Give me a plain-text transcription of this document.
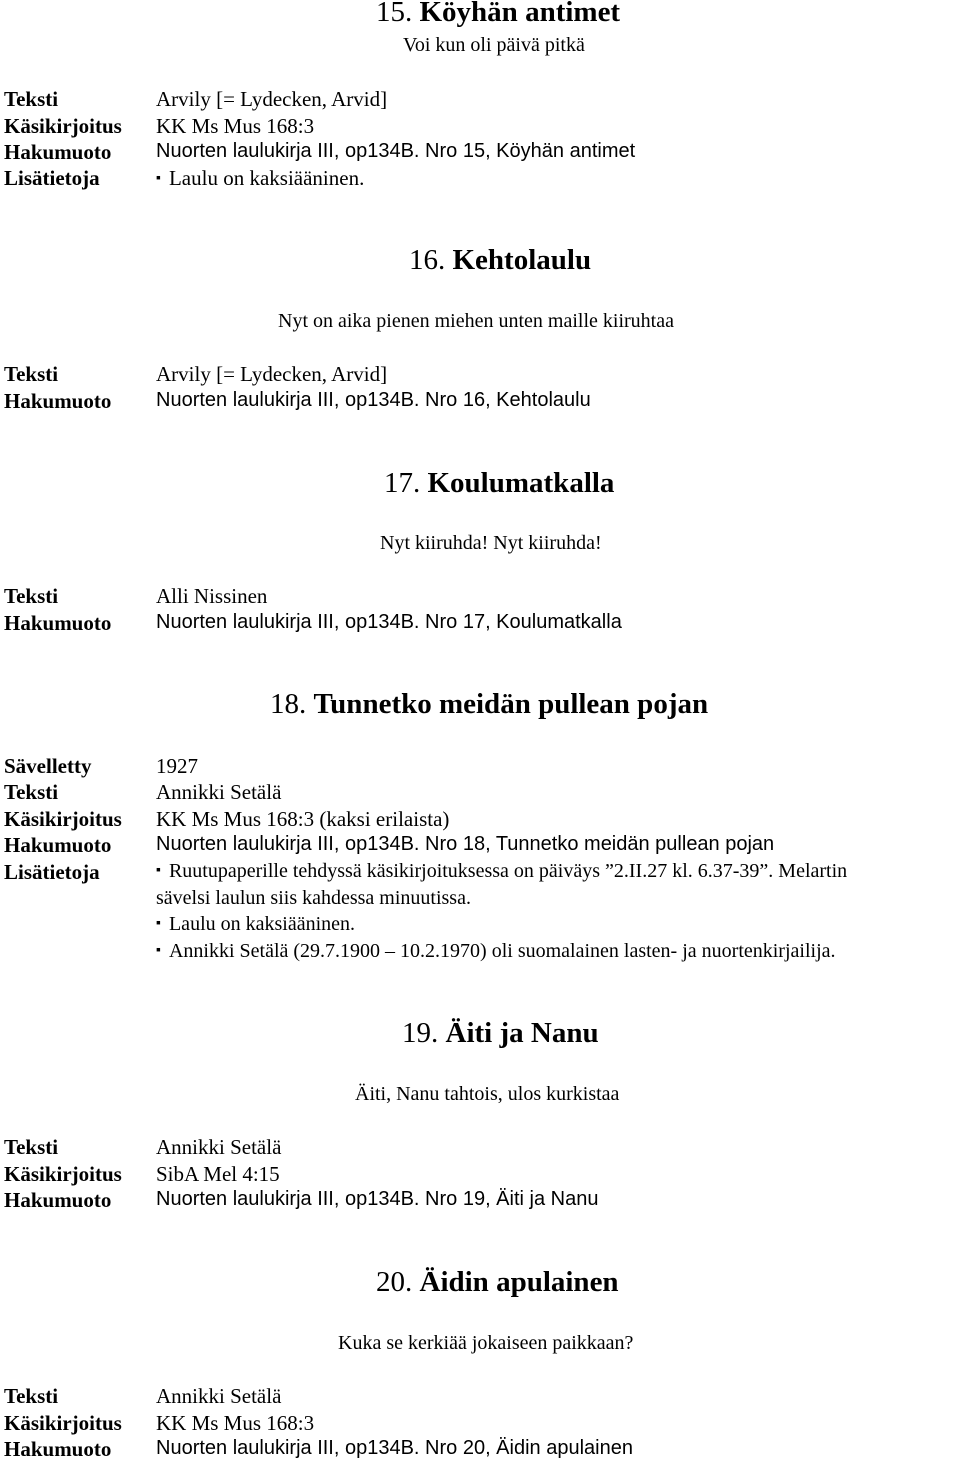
15. Köyhän antimet
Voi kun oli päivä pitkä
Teksti	Arvily [= Lydecken, Arvid]
Käsikirjoitus KK Ms Mus 168:3
Hakumuoto Nuorten laulukirja III, op134B. Nro 15, Köyhän antimet
Lisätietoja	▪ Laulu on kaksiääninen.
16. Kehtolaulu
Nyt on aika pienen miehen unten maille kiiruhtaa
Teksti	Arvily [= Lydecken, Arvid]
Hakumuoto Nuorten laulukirja III, op134B. Nro 16, Kehtolaulu
17. Koulumatkalla
Nyt kiiruhda! Nyt kiiruhda!
Teksti	Alli Nissinen
Hakumuoto Nuorten laulukirja III, op134B. Nro 17, Koulumatkalla
18. Tunnetko meidän pullean pojan
Sävelletty	1927
Teksti	Annikki Setälä
Käsikirjoitus KK Ms Mus 168:3 (kaksi erilaista)
Hakumuoto Nuorten laulukirja III, op134B. Nro 18, Tunnetko meidän pullean pojan
Lisätietoja	▪ Ruutupaperille tehdyssä käsikirjoituksessa on päiväys ”2.II.27 kl. 6.37-39”. Melartin
sävelsi laulun siis kahdessa minuutissa.
▪ Laulu on kaksiääninen.
▪ Annikki Setälä (29.7.1900 – 10.2.1970) oli suomalainen lasten- ja nuortenkirjailija.
19. Äiti ja Nanu
Äiti, Nanu tahtois, ulos kurkistaa
Teksti	Annikki Setälä
Käsikirjoitus SibA Mel 4:15
Hakumuoto Nuorten laulukirja III, op134B. Nro 19, Äiti ja Nanu
20. Äidin apulainen
Kuka se kerkiää jokaiseen paikkaan?
Teksti	Annikki Setälä
Käsikirjoitus KK Ms Mus 168:3
Hakumuoto Nuorten laulukirja III, op134B. Nro 20, Äidin apulainen
